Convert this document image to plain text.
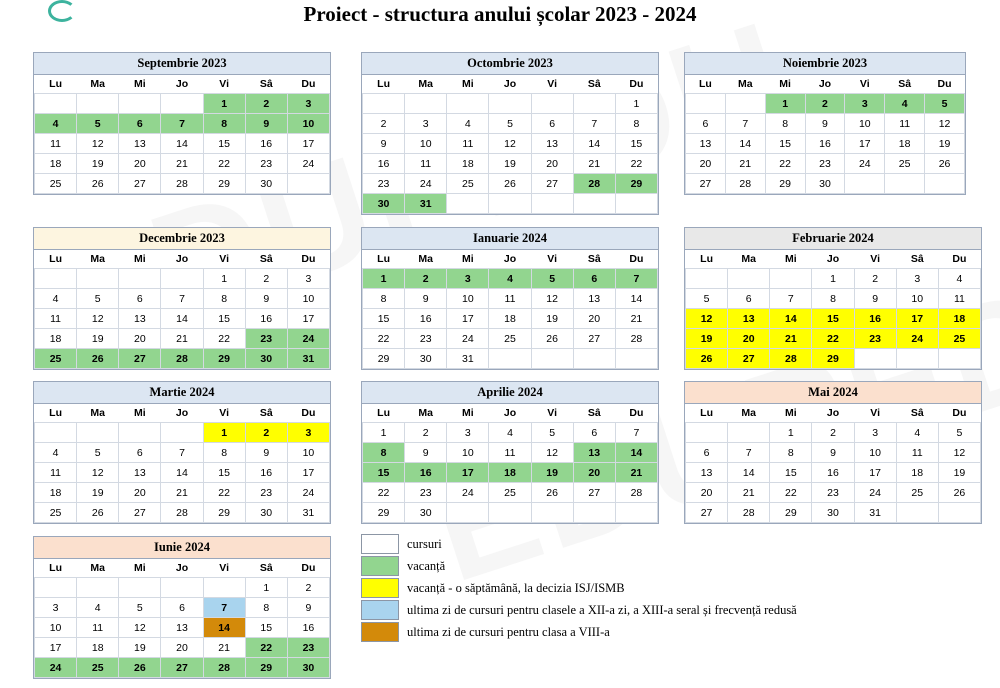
Proiect - structura anului școlar 2023 - 2024
Septembrie 2023
Lu	Ma	Mi	Jo	Vi	Sâ	Du
				1	2	3
4	5	6	7	8	9	10
11	12	13	14	15	16	17
18	19	20	21	22	23	24
25	26	27	28	29	30	
Octombrie 2023
Lu	Ma	Mi	Jo	Vi	Sâ	Du
						1
2	3	4	5	6	7	8
9	10	11	12	13	14	15
16	11	18	19	20	21	22
23	24	25	26	27	28	29
30	31					
Noiembrie 2023
Lu	Ma	Mi	Jo	Vi	Sâ	Du
		1	2	3	4	5
6	7	8	9	10	11	12
13	14	15	16	17	18	19
20	21	22	23	24	25	26
27	28	29	30			
Decembrie 2023
Lu	Ma	Mi	Jo	Vi	Sâ	Du
				1	2	3
4	5	6	7	8	9	10
11	12	13	14	15	16	17
18	19	20	21	22	23	24
25	26	27	28	29	30	31
Ianuarie 2024
Lu	Ma	Mi	Jo	Vi	Sâ	Du
1	2	3	4	5	6	7
8	9	10	11	12	13	14
15	16	17	18	19	20	21
22	23	24	25	26	27	28
29	30	31				
Februarie 2024
Lu	Ma	Mi	Jo	Vi	Sâ	Du
			1	2	3	4
5	6	7	8	9	10	11
12	13	14	15	16	17	18
19	20	21	22	23	24	25
26	27	28	29			
Martie 2024
Lu	Ma	Mi	Jo	Vi	Sâ	Du
				1	2	3
4	5	6	7	8	9	10
11	12	13	14	15	16	17
18	19	20	21	22	23	24
25	26	27	28	29	30	31
Aprilie 2024
Lu	Ma	Mi	Jo	Vi	Sâ	Du
1	2	3	4	5	6	7
8	9	10	11	12	13	14
15	16	17	18	19	20	21
22	23	24	25	26	27	28
29	30					
Mai 2024
Lu	Ma	Mi	Jo	Vi	Sâ	Du
		1	2	3	4	5
6	7	8	9	10	11	12
13	14	15	16	17	18	19
20	21	22	23	24	25	26
27	28	29	30	31		
Iunie 2024
Lu	Ma	Mi	Jo	Vi	Sâ	Du
					1	2
3	4	5	6	7	8	9
10	11	12	13	14	15	16
17	18	19	20	21	22	23
24	25	26	27	28	29	30
cursuri
vacanță
vacanță - o săptămână, la decizia ISJ/ISMB
ultima zi de cursuri pentru clasele a XII-a zi, a XIII-a seral și frecvență redusă
ultima zi de cursuri pentru clasa a VIII-a
